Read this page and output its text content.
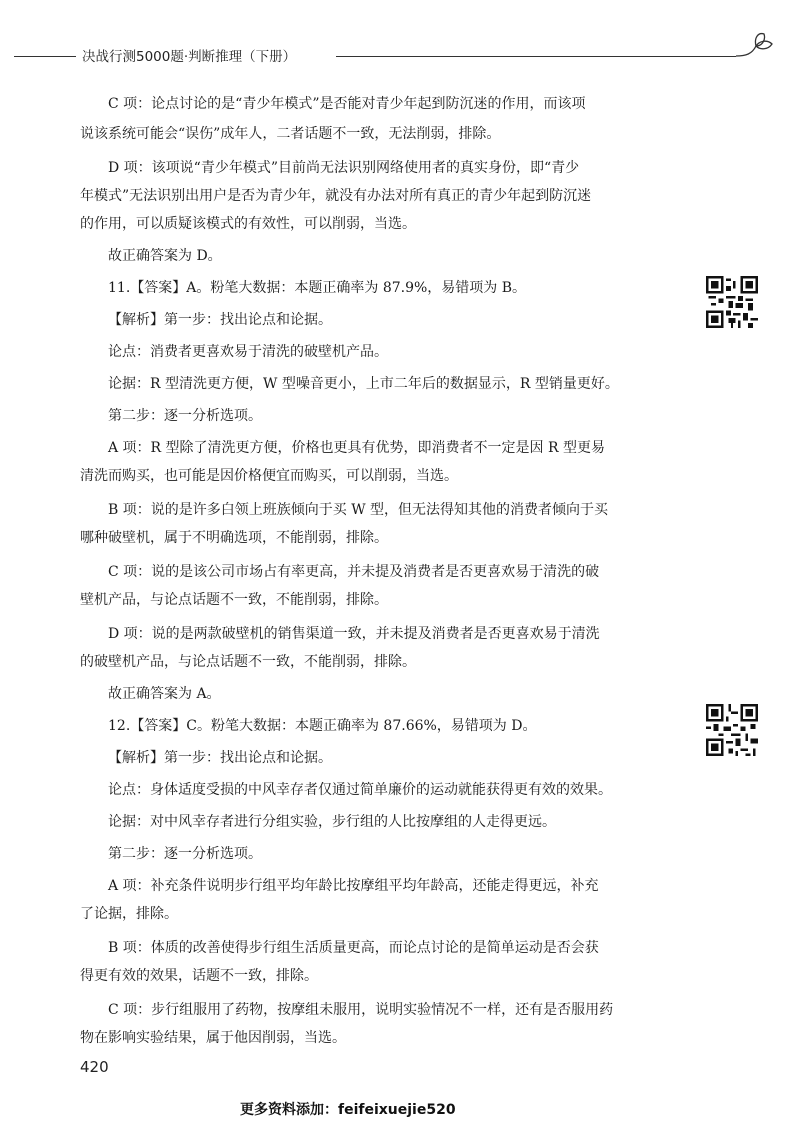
决战行测5000题·判断推理（下册）

C 项：论点讨论的是“青少年模式”是否能对青少年起到防沉迷的作用，而该项

说该系统可能会“误伤”成年人，二者话题不一致，无法削弱，排除。

D 项：该项说“青少年模式”目前尚无法识别网络使用者的真实身份，即“青少

年模式”无法识别出用户是否为青少年，就没有办法对所有真正的青少年起到防沉迷

的作用，可以质疑该模式的有效性，可以削弱，当选。

故正确答案为 D。

11.【答案】A。粉笔大数据：本题正确率为 87.9%，易错项为 B。

【解析】第一步：找出论点和论据。

论点：消费者更喜欢易于清洗的破壁机产品。

论据：R 型清洗更方便，W 型噪音更小，上市二年后的数据显示，R 型销量更好。

第二步：逐一分析选项。

A 项：R 型除了清洗更方便，价格也更具有优势，即消费者不一定是因 R 型更易

清洗而购买，也可能是因价格便宜而购买，可以削弱，当选。

B 项：说的是许多白领上班族倾向于买 W 型，但无法得知其他的消费者倾向于买

哪种破壁机，属于不明确选项，不能削弱，排除。

C 项：说的是该公司市场占有率更高，并未提及消费者是否更喜欢易于清洗的破

壁机产品，与论点话题不一致，不能削弱，排除。

D 项：说的是两款破壁机的销售渠道一致，并未提及消费者是否更喜欢易于清洗

的破壁机产品，与论点话题不一致，不能削弱，排除。

故正确答案为 A。

12.【答案】C。粉笔大数据：本题正确率为 87.66%，易错项为 D。

【解析】第一步：找出论点和论据。

论点：身体适度受损的中风幸存者仅通过简单廉价的运动就能获得更有效的效果。

论据：对中风幸存者进行分组实验，步行组的人比按摩组的人走得更远。

第二步：逐一分析选项。

A 项：补充条件说明步行组平均年龄比按摩组平均年龄高，还能走得更远，补充

了论据，排除。

B 项：体质的改善使得步行组生活质量更高，而论点讨论的是简单运动是否会获

得更有效的效果，话题不一致，排除。

C 项：步行组服用了药物，按摩组未服用，说明实验情况不一样，还有是否服用药

物在影响实验结果，属于他因削弱，当选。

420
更多资料添加：feifeixuejie520
